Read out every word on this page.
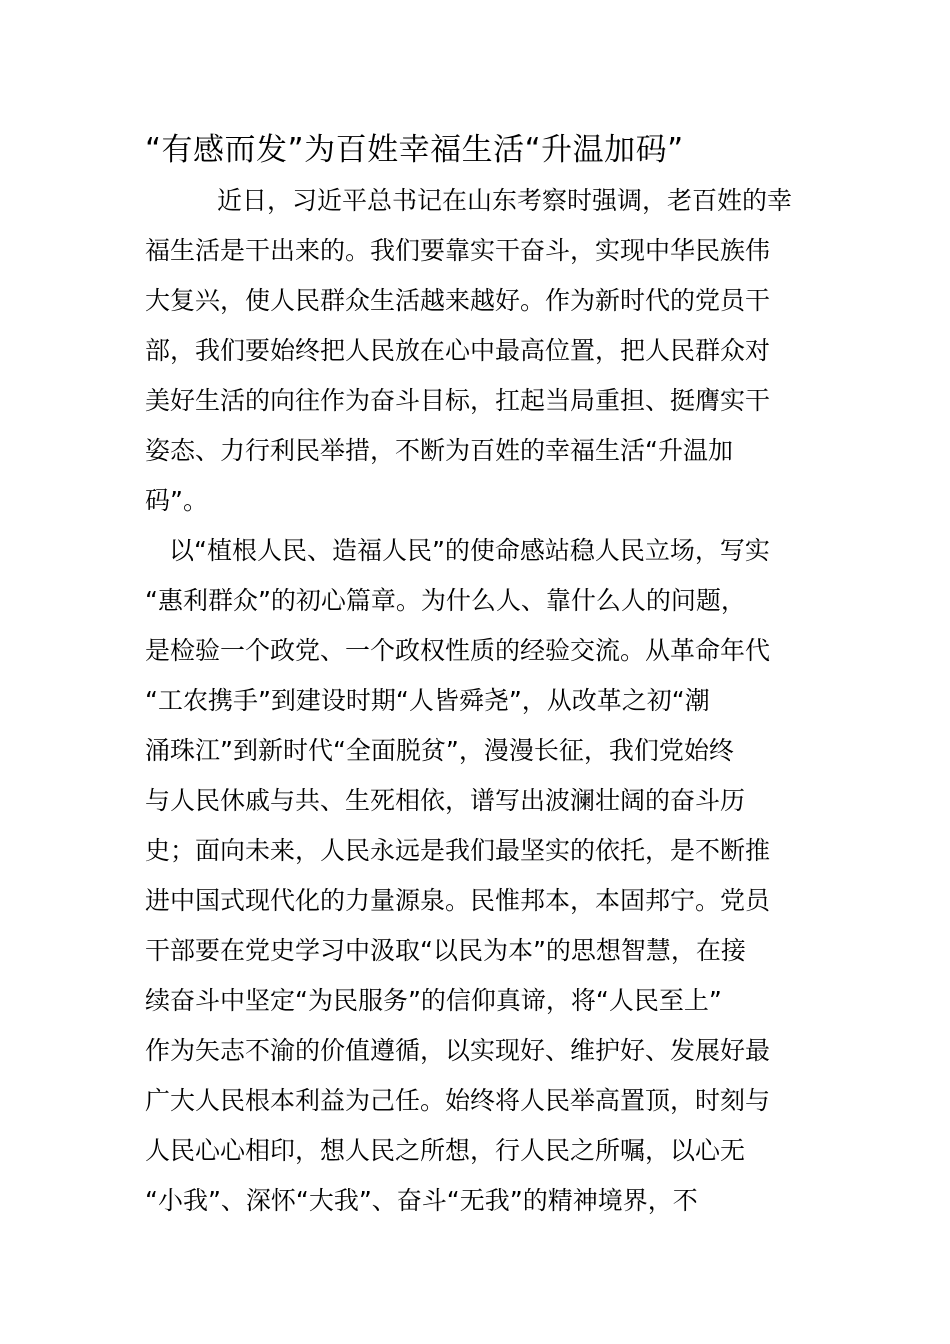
“有感而发”为百姓幸福生活“升温加码”
近日，习近平总书记在山东考察时强调，老百姓的幸
福生活是干出来的。我们要靠实干奋斗，实现中华民族伟
大复兴，使人民群众生活越来越好。作为新时代的党员干
部，我们要始终把人民放在心中最高位置，把人民群众对
美好生活的向往作为奋斗目标，扛起当局重担、挺膺实干
姿态、力行利民举措，不断为百姓的幸福生活“升温加
码”。
以“植根人民、造福人民”的使命感站稳人民立场，写实
“惠利群众”的初心篇章。为什么人、靠什么人的问题，
是检验一个政党、一个政权性质的经验交流。从革命年代
“工农携手”到建设时期“人皆舜尧”，从改革之初“潮
涌珠江”到新时代“全面脱贫”，漫漫长征，我们党始终
与人民休戚与共、生死相依，谱写出波澜壮阔的奋斗历
史；面向未来，人民永远是我们最坚实的依托，是不断推
进中国式现代化的力量源泉。民惟邦本，本固邦宁。党员
干部要在党史学习中汲取“以民为本”的思想智慧，在接
续奋斗中坚定“为民服务”的信仰真谛，将“人民至上”
作为矢志不渝的价值遵循，以实现好、维护好、发展好最
广大人民根本利益为己任。始终将人民举高置顶，时刻与
人民心心相印，想人民之所想，行人民之所嘱，以心无
“小我”、深怀“大我”、奋斗“无我”的精神境界，不
